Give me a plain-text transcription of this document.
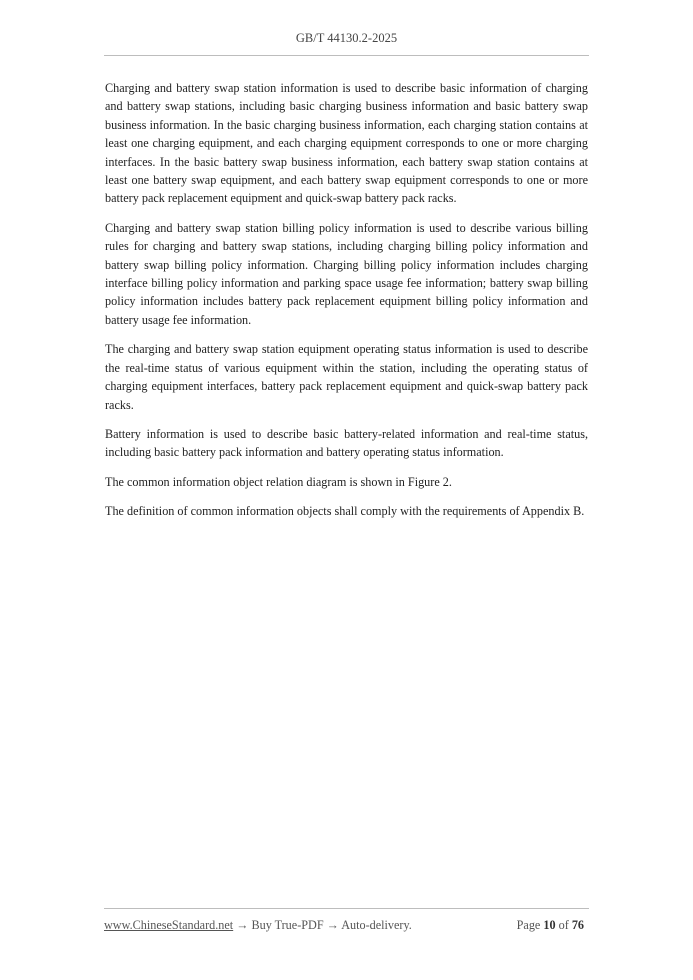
GB/T 44130.2-2025

Charging and battery swap station information is used to describe basic information of charging and battery swap stations, including basic charging business information and basic battery swap business information. In the basic charging business information, each charging station contains at least one charging equipment, and each charging equipment corresponds to one or more charging interfaces. In the basic battery swap business information, each battery swap station contains at least one battery swap equipment, and each battery swap equipment corresponds to one or more battery pack replacement equipment and quick-swap battery pack racks.

Charging and battery swap station billing policy information is used to describe various billing rules for charging and battery swap stations, including charging billing policy information and battery swap billing policy information. Charging billing policy information includes charging interface billing policy information and parking space usage fee information; battery swap billing policy information includes battery pack replacement equipment billing policy information and battery usage fee information.

The charging and battery swap station equipment operating status information is used to describe the real-time status of various equipment within the station, including the operating status of charging equipment interfaces, battery pack replacement equipment and quick-swap battery pack racks.

Battery information is used to describe basic battery-related information and real-time status, including basic battery pack information and battery operating status information.

The common information object relation diagram is shown in Figure 2.

The definition of common information objects shall comply with the requirements of Appendix B.

www.ChineseStandard.net → Buy True-PDF → Auto-delivery.	Page 10 of 76
